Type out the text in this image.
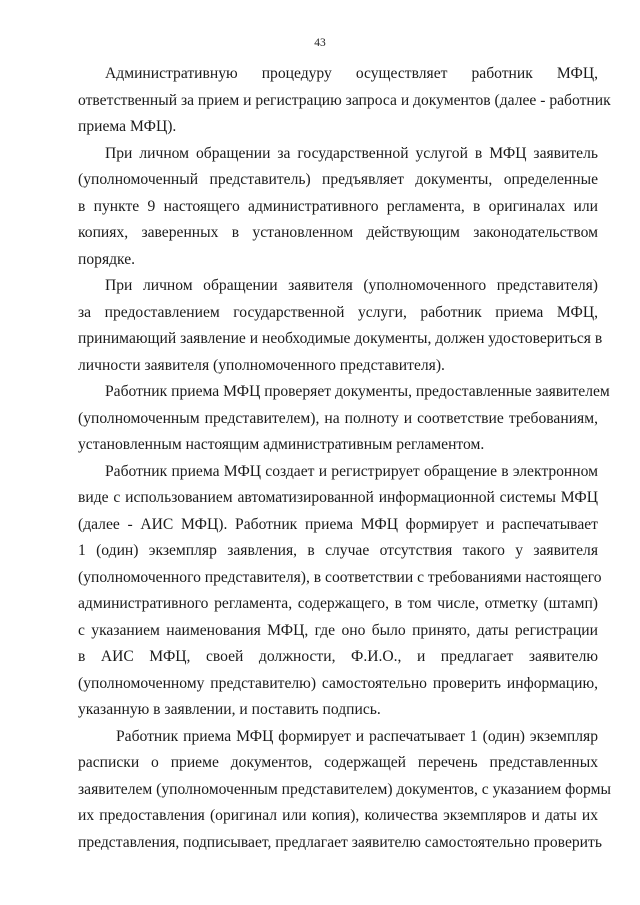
43
Административную процедуру осуществляет работник МФЦ,
ответственный за прием и регистрацию запроса и документов (далее - работник
приема МФЦ).
При личном обращении за государственной услугой в МФЦ заявитель
(уполномоченный представитель) предъявляет документы, определенные
в пункте 9 настоящего административного регламента, в оригиналах или
копиях, заверенных в установленном действующим законодательством
порядке.
При личном обращении заявителя (уполномоченного представителя)
за предоставлением государственной услуги, работник приема МФЦ,
принимающий заявление и необходимые документы, должен удостовериться в
личности заявителя (уполномоченного представителя).
Работник приема МФЦ проверяет документы, предоставленные заявителем
(уполномоченным представителем), на полноту и соответствие требованиям,
установленным настоящим административным регламентом.
Работник приема МФЦ создает и регистрирует обращение в электронном
виде с использованием автоматизированной информационной системы МФЦ
(далее - АИС МФЦ). Работник приема МФЦ формирует и распечатывает
1 (один) экземпляр заявления, в случае отсутствия такого у заявителя
(уполномоченного представителя), в соответствии с требованиями настоящего
административного регламента, содержащего, в том числе, отметку (штамп)
с указанием наименования МФЦ, где оно было принято, даты регистрации
в АИС МФЦ, своей должности, Ф.И.О., и предлагает заявителю
(уполномоченному представителю) самостоятельно проверить информацию,
указанную в заявлении, и поставить подпись.
Работник приема МФЦ формирует и распечатывает 1 (один) экземпляр
расписки о приеме документов, содержащей перечень представленных
заявителем (уполномоченным представителем) документов, с указанием формы
их предоставления (оригинал или копия), количества экземпляров и даты их
представления, подписывает, предлагает заявителю самостоятельно проверить
